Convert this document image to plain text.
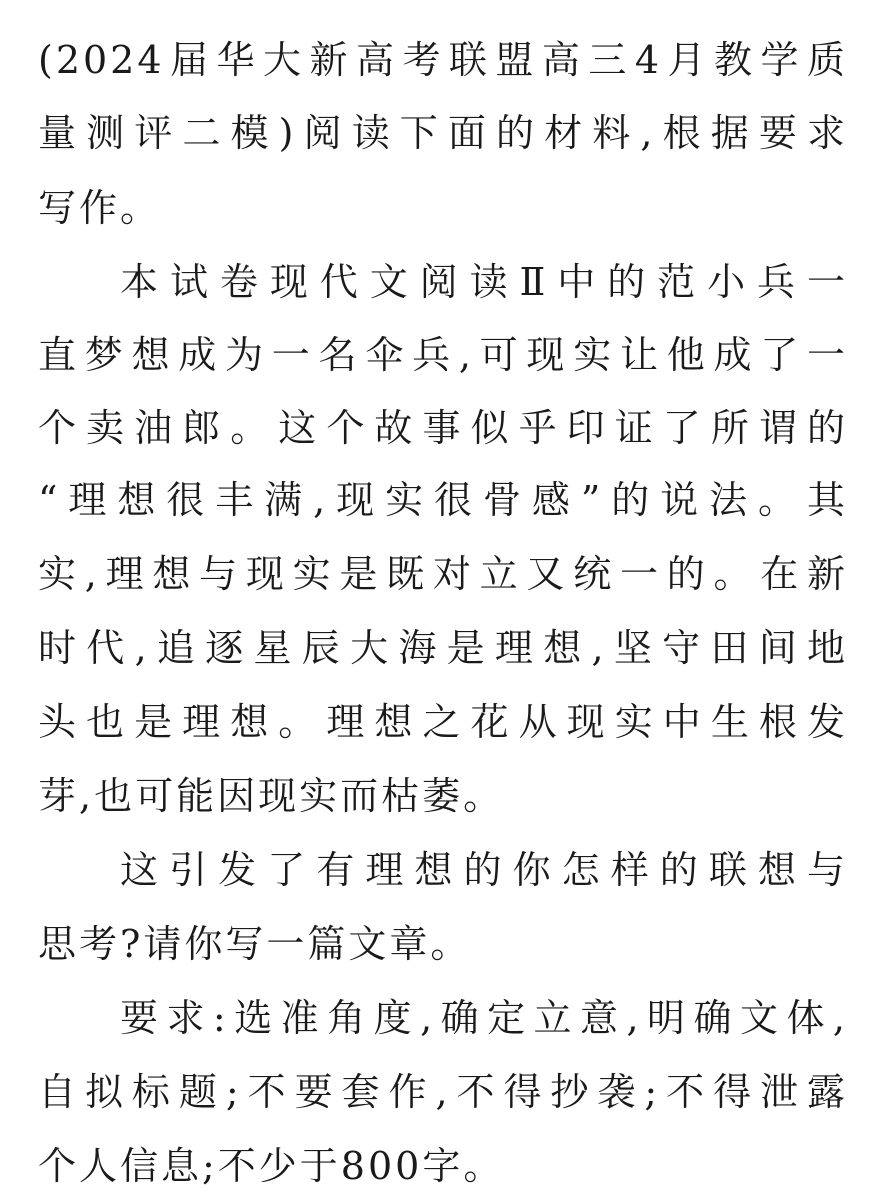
(2024届华大新高考联盟高三4月教学质
量测评二模)阅读下面的材料,根据要求
写作。
本试卷现代文阅读Ⅱ中的范小兵一
直梦想成为一名伞兵,可现实让他成了一
个卖油郎。这个故事似乎印证了所谓的
“理想很丰满,现实很骨感”的说法。其
实,理想与现实是既对立又统一的。在新
时代,追逐星辰大海是理想,坚守田间地
头也是理想。理想之花从现实中生根发
芽,也可能因现实而枯萎。
这引发了有理想的你怎样的联想与
思考?请你写一篇文章。
要求:选准角度,确定立意,明确文体,
自拟标题;不要套作,不得抄袭;不得泄露
个人信息;不少于800字。
